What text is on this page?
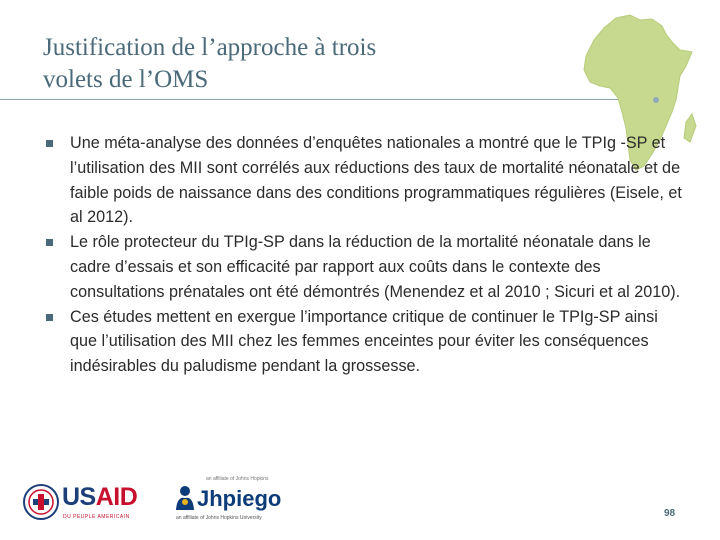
Justification de l’approche à trois
volets de l’OMS
Une méta-analyse des données d’enquêtes nationales a montré que le TPIg -SP et l’utilisation des MII sont corrélés aux réductions des taux de mortalité néonatale et de faible poids de naissance dans des conditions programmatiques régulières (Eisele, et al 2012).
Le rôle protecteur du TPIg-SP dans la réduction de la mortalité néonatale dans le cadre d’essais et son efficacité par rapport aux coûts dans le contexte des consultations prénatales ont été démontrés (Menendez et al 2010 ; Sicuri et al 2010).
Ces études mettent en exergue l’importance critique de continuer le TPIg-SP ainsi que l’utilisation des MII chez les femmes enceintes pour éviter les conséquences indésirables du paludisme pendant la grossesse.
USAID
DU PEUPLE AMERICAIN
an affiliate of Johns Hopkins
Jhpiego
an affiliate of Johns Hopkins University	98
